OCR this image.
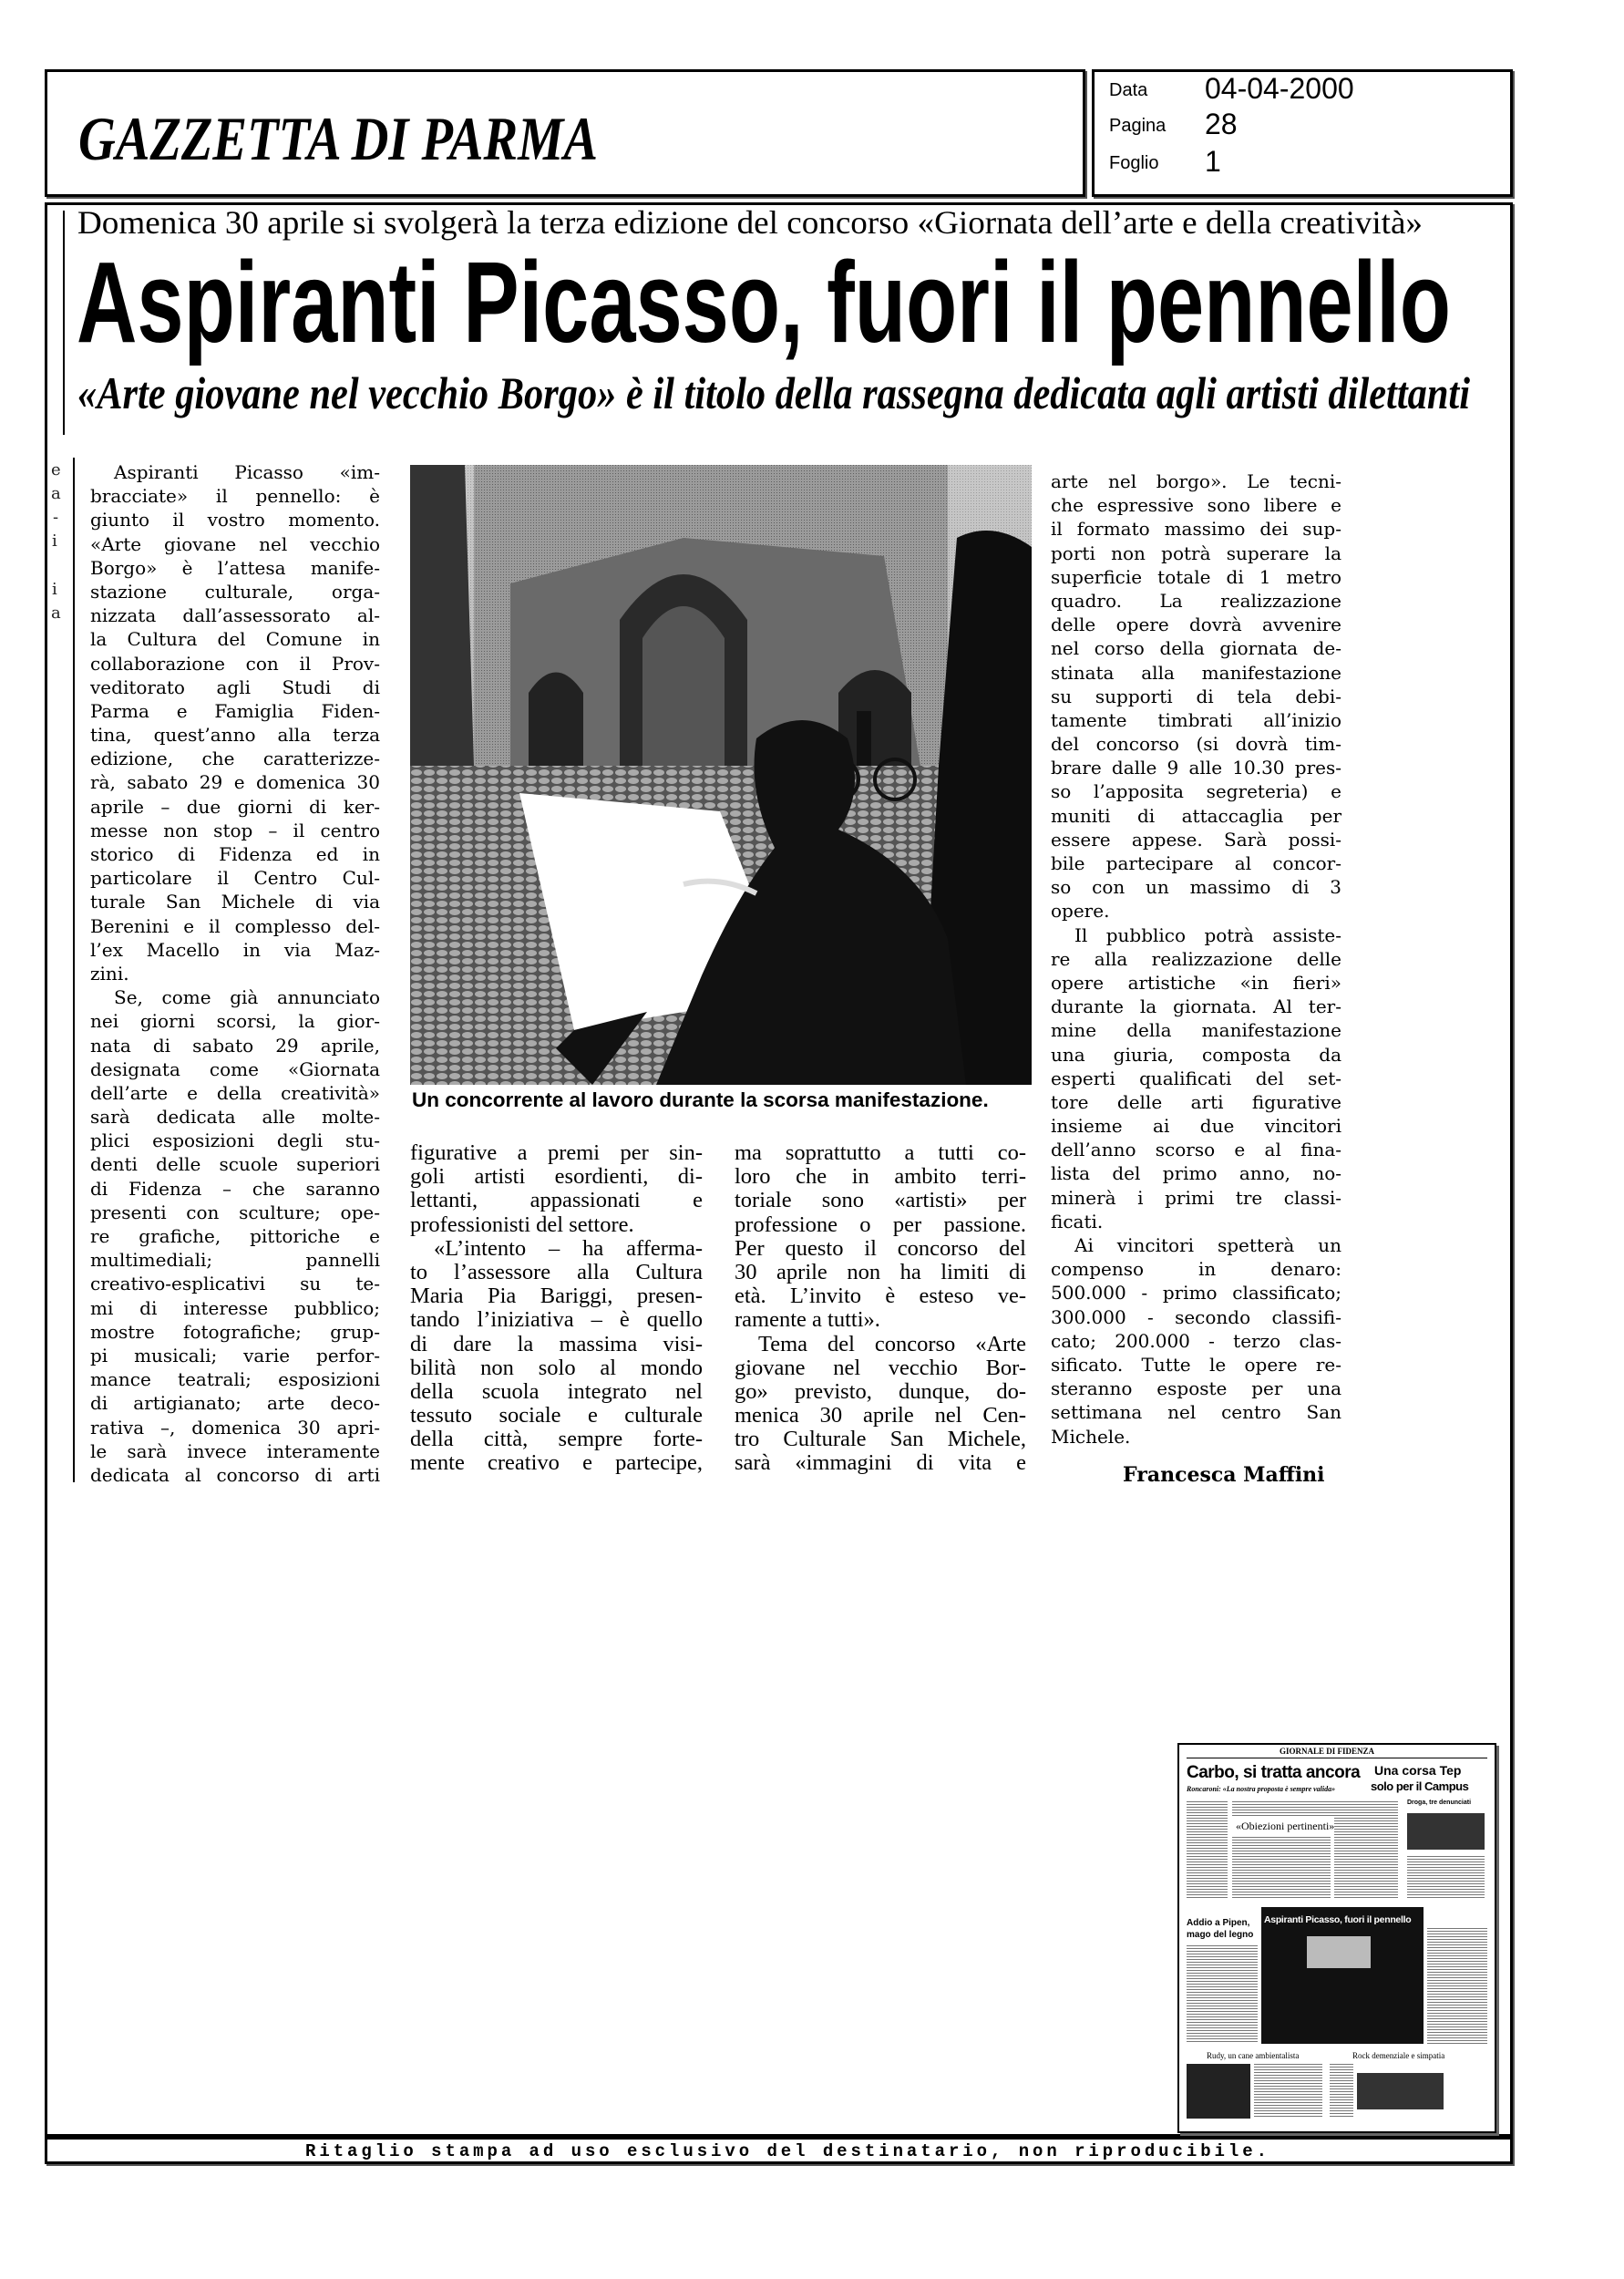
GAZZETTA DI PARMA
Data 04-04-2000
Pagina 28
Foglio 1
Domenica 30 aprile si svolgerà la terza edizione del concorso «Giornata dell’arte e della creatività»
Aspiranti Picasso, fuori il pennello
«Arte giovane nel vecchio Borgo» è il titolo della rassegna dedicata agli artisti dilettanti
e
a
-
i
i
a
Aspiranti Picasso «im-
bracciate» il pennello: è
giunto il vostro momento.
«Arte giovane nel vecchio
Borgo» è l’attesa manife-
stazione culturale, orga-
nizzata dall’assessorato al-
la Cultura del Comune in
collaborazione con il Prov-
veditorato agli Studi di
Parma e Famiglia Fiden-
tina, quest’anno alla terza
edizione, che caratterizze-
rà, sabato 29 e domenica 30
aprile – due giorni di ker-
messe non stop – il centro
storico di Fidenza ed in
particolare il Centro Cul-
turale San Michele di via
Berenini e il complesso del-
l’ex Macello in via Maz-
zini.
Se, come già annunciato
nei giorni scorsi, la gior-
nata di sabato 29 aprile,
designata come «Giornata
dell’arte e della creatività»
sarà dedicata alle molte-
plici esposizioni degli stu-
denti delle scuole superiori
di Fidenza – che saranno
presenti con sculture; ope-
re grafiche, pittoriche e
multimediali; pannelli
creativo-esplicativi su te-
mi di interesse pubblico;
mostre fotografiche; grup-
pi musicali; varie perfor-
mance teatrali; esposizioni
di artigianato; arte deco-
rativa –, domenica 30 apri-
le sarà invece interamente
dedicata al concorso di arti
figurative a premi per sin-
goli artisti esordienti, di-
lettanti, appassionati e
professionisti del settore.
«L’intento – ha afferma-
to l’assessore alla Cultura
Maria Pia Bariggi, presen-
tando l’iniziativa – è quello
di dare la massima visi-
bilità non solo al mondo
della scuola integrato nel
tessuto sociale e culturale
della città, sempre forte-
mente creativo e partecipe,
ma soprattutto a tutti co-
loro che in ambito terri-
toriale sono «artisti» per
professione o per passione.
Per questo il concorso del
30 aprile non ha limiti di
età. L’invito è esteso ve-
ramente a tutti».
Tema del concorso «Arte
giovane nel vecchio Bor-
go» previsto, dunque, do-
menica 30 aprile nel Cen-
tro Culturale San Michele,
sarà «immagini di vita e
arte nel borgo». Le tecni-
che espressive sono libere e
il formato massimo dei sup-
porti non potrà superare la
superficie totale di 1 metro
quadro. La realizzazione
delle opere dovrà avvenire
nel corso della giornata de-
stinata alla manifestazione
su supporti di tela debi-
tamente timbrati all’inizio
del concorso (si dovrà tim-
brare dalle 9 alle 10.30 pres-
so l’apposita segreteria) e
muniti di attaccaglia per
essere appese. Sarà possi-
bile partecipare al concor-
so con un massimo di 3
opere.
Il pubblico potrà assiste-
re alla realizzazione delle
opere artistiche «in fieri»
durante la giornata. Al ter-
mine della manifestazione
una giuria, composta da
esperti qualificati del set-
tore delle arti figurative
insieme ai due vincitori
dell’anno scorso e al fina-
lista del primo anno, no-
minerà i primi tre classi-
ficati.
Ai vincitori spetterà un
compenso in denaro:
500.000 - primo classificato;
300.000 - secondo classifi-
cato; 200.000 - terzo clas-
sificato. Tutte le opere re-
steranno esposte per una
settimana nel centro San
Michele.
Francesca Maffini
Un concorrente al lavoro durante la scorsa manifestazione.
GIORNALE DI FIDENZA
Carbo, si tratta ancora
Roncaroni: «La nostra proposta è sempre valida»
Una corsa Tep
solo per il Campus
«Obiezioni pertinenti»
Droga, tre denunciati
Addio a Pipen,
mago del legno
Aspiranti Picasso, fuori il pennello
Rudy, un cane ambientalista	Rock demenziale e simpatia
Ritaglio stampa ad uso esclusivo del destinatario, non riproducibile.
